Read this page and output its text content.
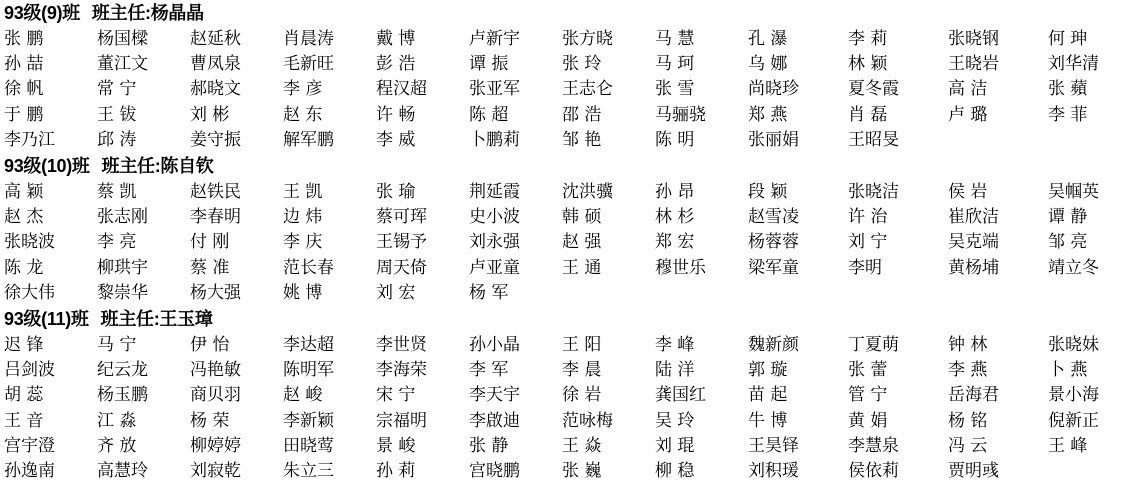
93级(9)班 班主任:杨晶晶
张 鹏	杨国樑	赵延秋	肖晨涛	戴 博	卢新宇	张方晓	马 慧	孔 瀑	李 莉	张晓钢	何 珅
孙 喆	董江文	曹凤泉	毛新旺	彭 浩	谭 振	张 玲	马 珂	乌 娜	林 颖	王晓岩	刘华清
徐 帆	常 宁	郝晓文	李 彦	程汉超	张亚军	王志仑	张 雪	尚晓珍	夏冬霞	高 洁	张 蘋
于 鹏	王 钹	刘 彬	赵 东	许 畅	陈 超	邵 浩	马骊骁	郑 燕	肖 磊	卢 璐	李 菲
李乃江	邱 涛	姜守振	解军鹏	李 威	卜鹏莉	邹 艳	陈 明	张丽娟	王昭旻
93级(10)班 班主任:陈自钦
高 颖	蔡 凯	赵铁民	王 凯	张 瑜	荆延霞	沈洪骥	孙 昂	段 颖	张晓洁	侯 岩	吴帼英
赵 杰	张志刚	李春明	边 炜	蔡可珲	史小波	韩 硕	林 杉	赵雪凌	许 治	崔欣洁	谭 静
张晓波	李 亮	付 刚	李 庆	王锡予	刘永强	赵 强	郑 宏	杨蓉蓉	刘 宁	吴克端	邹 亮
陈 龙	柳珙宇	蔡 准	范长春	周天倚	卢亚童	王 通	穆世乐	梁军童	李明	黄杨埔	靖立冬
徐大伟	黎崇华	杨大强	姚 博	刘 宏	杨 军
93级(11)班 班主任:王玉璋
迟 锋	马 宁	伊 怡	李达超	李世贤	孙小晶	王 阳	李 峰	魏新颜	丁夏萌	钟 林	张晓妹
吕剑波	纪云龙	冯艳敏	陈明军	李海荣	李 军	李 晨	陆 洋	郭 璇	张 蕾	李 燕	卜 燕
胡 蕊	杨玉鹏	商贝羽	赵 峻	宋 宁	李天宇	徐 岩	龚国红	苗 起	管 宁	岳海君	景小海
王 音	江 淼	杨 荣	李新颖	宗福明	李啟迪	范咏梅	吴 玲	牛 博	黄 娟	杨 铭	倪新正
宫宇澄	齐 放	柳婷婷	田晓莺	景 峻	张 静	王 焱	刘 琨	王昊铎	李慧泉	冯 云	王 峰
孙逸南	高慧玲	刘寂乾	朱立三	孙 莉	宫晓鹏	张 巍	柳 稳	刘积瑗	侯依莉	贾明彧
